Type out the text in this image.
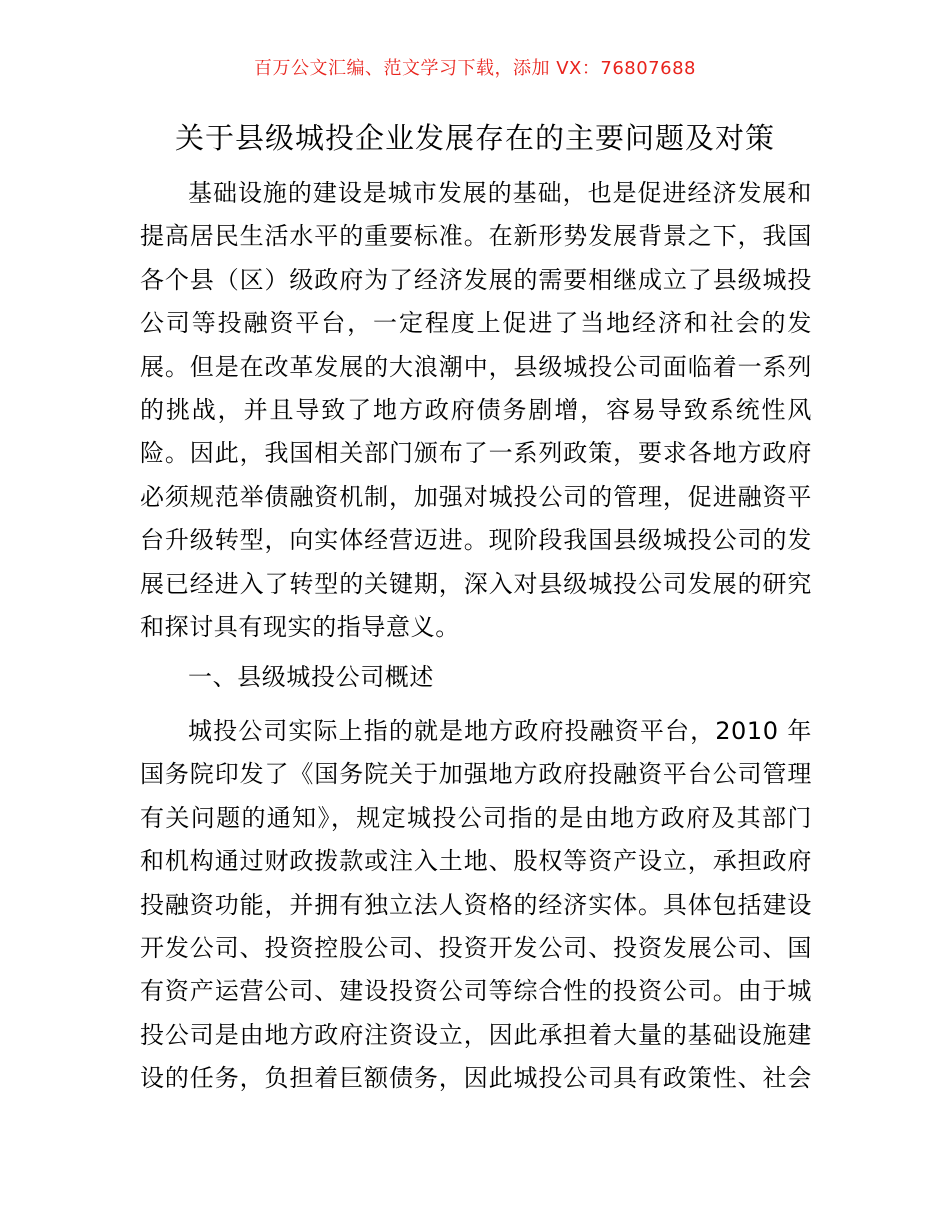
百万公文汇编、范文学习下载，添加 VX：76807688
关于县级城投企业发展存在的主要问题及对策
基础设施的建设是城市发展的基础，也是促进经济发展和
提高居民生活水平的重要标准。在新形势发展背景之下，我国
各个县（区）级政府为了经济发展的需要相继成立了县级城投
公司等投融资平台，一定程度上促进了当地经济和社会的发
展。但是在改革发展的大浪潮中，县级城投公司面临着一系列
的挑战，并且导致了地方政府债务剧增，容易导致系统性风
险。因此，我国相关部门颁布了一系列政策，要求各地方政府
必须规范举债融资机制，加强对城投公司的管理，促进融资平
台升级转型，向实体经营迈进。现阶段我国县级城投公司的发
展已经进入了转型的关键期，深入对县级城投公司发展的研究
和探讨具有现实的指导意义。
一、县级城投公司概述
城投公司实际上指的就是地方政府投融资平台，2010 年
国务院印发了《国务院关于加强地方政府投融资平台公司管理
有关问题的通知》，规定城投公司指的是由地方政府及其部门
和机构通过财政拨款或注入土地、股权等资产设立，承担政府
投融资功能，并拥有独立法人资格的经济实体。具体包括建设
开发公司、投资控股公司、投资开发公司、投资发展公司、国
有资产运营公司、建设投资公司等综合性的投资公司。由于城
投公司是由地方政府注资设立，因此承担着大量的基础设施建
设的任务，负担着巨额债务，因此城投公司具有政策性、社会
